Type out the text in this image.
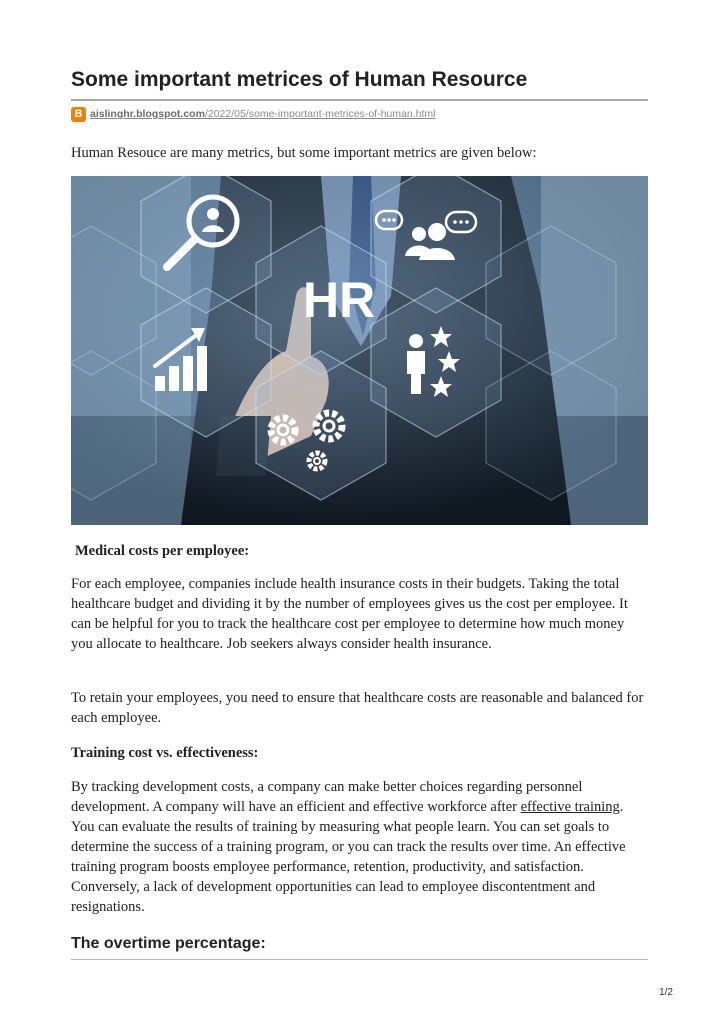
Some important metrices of Human Resource
B aislinghr.blogspot.com/2022/05/some-important-metrices-of-human.html

Human Resouce are many metrics, but some important metrics are given below:

HR

Medical costs per employee:

For each employee, companies include health insurance costs in their budgets. Taking the total healthcare budget and dividing it by the number of employees gives us the cost per employee. It can be helpful for you to track the healthcare cost per employee to determine how much money you allocate to healthcare. Job seekers always consider health insurance.

To retain your employees, you need to ensure that healthcare costs are reasonable and balanced for each employee.

Training cost vs. effectiveness:

By tracking development costs, a company can make better choices regarding personnel development. A company will have an efficient and effective workforce after effective training. You can evaluate the results of training by measuring what people learn. You can set goals to determine the success of a training program, or you can track the results over time. An effective training program boosts employee performance, retention, productivity, and satisfaction. Conversely, a lack of development opportunities can lead to employee discontentment and resignations.

The overtime percentage:
1/2
